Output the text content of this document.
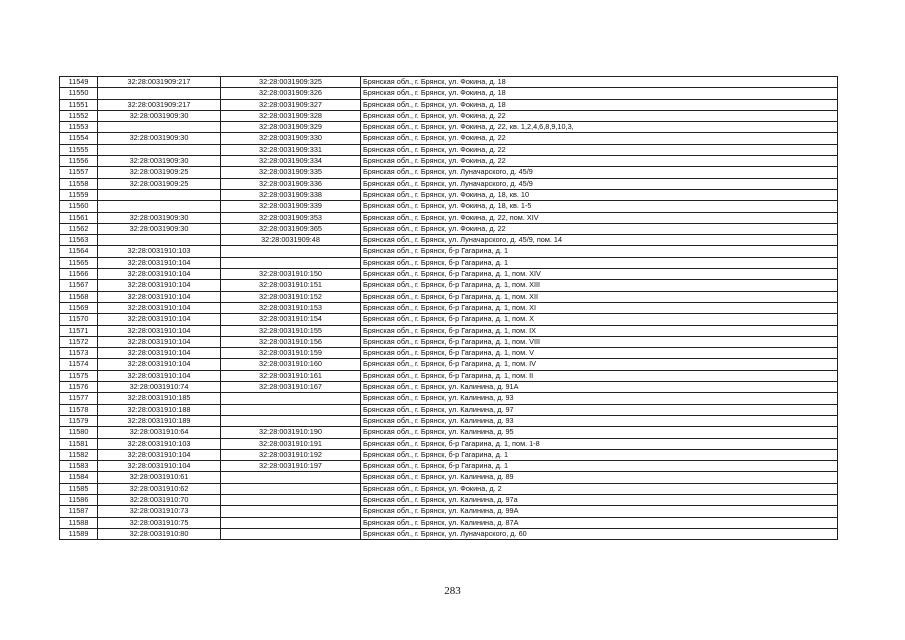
11549	32:28:0031909:217	32:28:0031909:325	Брянская обл., г. Брянск, ул. Фокина, д. 18
11550		32:28:0031909:326	Брянская обл., г. Брянск, ул. Фокина, д. 18
11551	32:28:0031909:217	32:28:0031909:327	Брянская обл., г. Брянск, ул. Фокина, д. 18
11552	32:28:0031909:30	32:28:0031909:328	Брянская обл., г. Брянск, ул. Фокина, д. 22
11553		32:28:0031909:329	Брянская обл., г. Брянск, ул. Фокина, д. 22, кв. 1,2,4,6,8,9,10,3,
11554	32:28:0031909:30	32:28:0031909:330	Брянская обл., г. Брянск, ул. Фокина, д. 22
11555		32:28:0031909:331	Брянская обл., г. Брянск, ул. Фокина, д. 22
11556	32:28:0031909:30	32:28:0031909:334	Брянская обл., г. Брянск, ул. Фокина, д. 22
11557	32:28:0031909:25	32:28:0031909:335	Брянская обл., г. Брянск, ул. Луначарского, д. 45/9
11558	32:28:0031909:25	32:28:0031909:336	Брянская обл., г. Брянск, ул. Луначарского, д. 45/9
11559		32:28:0031909:338	Брянская обл., г. Брянск, ул. Фокина, д. 18, кв. 10
11560		32:28:0031909:339	Брянская обл., г. Брянск, ул. Фокина, д. 18, кв. 1-5
11561	32:28:0031909:30	32:28:0031909:353	Брянская обл., г. Брянск, ул. Фокина, д. 22, пом. XIV
11562	32:28:0031909:30	32:28:0031909:365	Брянская обл., г. Брянск, ул. Фокина, д. 22
11563		32:28:0031909:48	Брянская обл., г. Брянск, ул. Луначарского, д. 45/9, пом. 14
11564	32:28:0031910:103		Брянская обл., г. Брянск, б-р Гагарина, д. 1
11565	32:28:0031910:104		Брянская обл., г. Брянск, б-р Гагарина, д. 1
11566	32:28:0031910:104	32:28:0031910:150	Брянская обл., г. Брянск, б-р Гагарина, д. 1, пом. XIV
11567	32:28:0031910:104	32:28:0031910:151	Брянская обл., г. Брянск, б-р Гагарина, д. 1, пом. XIII
11568	32:28:0031910:104	32:28:0031910:152	Брянская обл., г. Брянск, б-р Гагарина, д. 1, пом. XII
11569	32:28:0031910:104	32:28:0031910:153	Брянская обл., г. Брянск, б-р Гагарина, д. 1, пом. XI
11570	32:28:0031910:104	32:28:0031910:154	Брянская обл., г. Брянск, б-р Гагарина, д. 1, пом. X
11571	32:28:0031910:104	32:28:0031910:155	Брянская обл., г. Брянск, б-р Гагарина, д. 1, пом. IX
11572	32:28:0031910:104	32:28:0031910:156	Брянская обл., г. Брянск, б-р Гагарина, д. 1, пом. VIII
11573	32:28:0031910:104	32:28:0031910:159	Брянская обл., г. Брянск, б-р Гагарина, д. 1, пом. V
11574	32:28:0031910:104	32:28:0031910:160	Брянская обл., г. Брянск, б-р Гагарина, д. 1, пом. IV
11575	32:28:0031910:104	32:28:0031910:161	Брянская обл., г. Брянск, б-р Гагарина, д. 1, пом. II
11576	32:28:0031910:74	32:28:0031910:167	Брянская обл., г. Брянск, ул. Калинина, д. 91А
11577	32:28:0031910:185		Брянская обл., г. Брянск, ул. Калинина, д. 93
11578	32:28:0031910:188		Брянская обл., г. Брянск, ул. Калинина, д. 97
11579	32:28:0031910:189		Брянская обл., г. Брянск, ул. Калинина, д. 93
11580	32:28:0031910:64	32:28:0031910:190	Брянская обл., г. Брянск, ул. Калинина, д. 95
11581	32:28:0031910:103	32:28:0031910:191	Брянская обл., г. Брянск, б-р Гагарина, д. 1, пом. 1-8
11582	32:28:0031910:104	32:28:0031910:192	Брянская обл., г. Брянск, б-р Гагарина, д. 1
11583	32:28:0031910:104	32:28:0031910:197	Брянская обл., г. Брянск, б-р Гагарина, д. 1
11584	32:28:0031910:61		Брянская обл., г. Брянск, ул. Калинина, д. 89
11585	32:28:0031910:62		Брянская обл., г. Брянск, ул. Фокина, д. 2
11586	32:28:0031910:70		Брянская обл., г. Брянск, ул. Калинина, д. 97а
11587	32:28:0031910:73		Брянская обл., г. Брянск, ул. Калинина, д. 99А
11588	32:28:0031910:75		Брянская обл., г. Брянск, ул. Калинина, д. 87А
11589	32:28:0031910:80		Брянская обл., г. Брянск, ул. Луначарского, д. 60
283
